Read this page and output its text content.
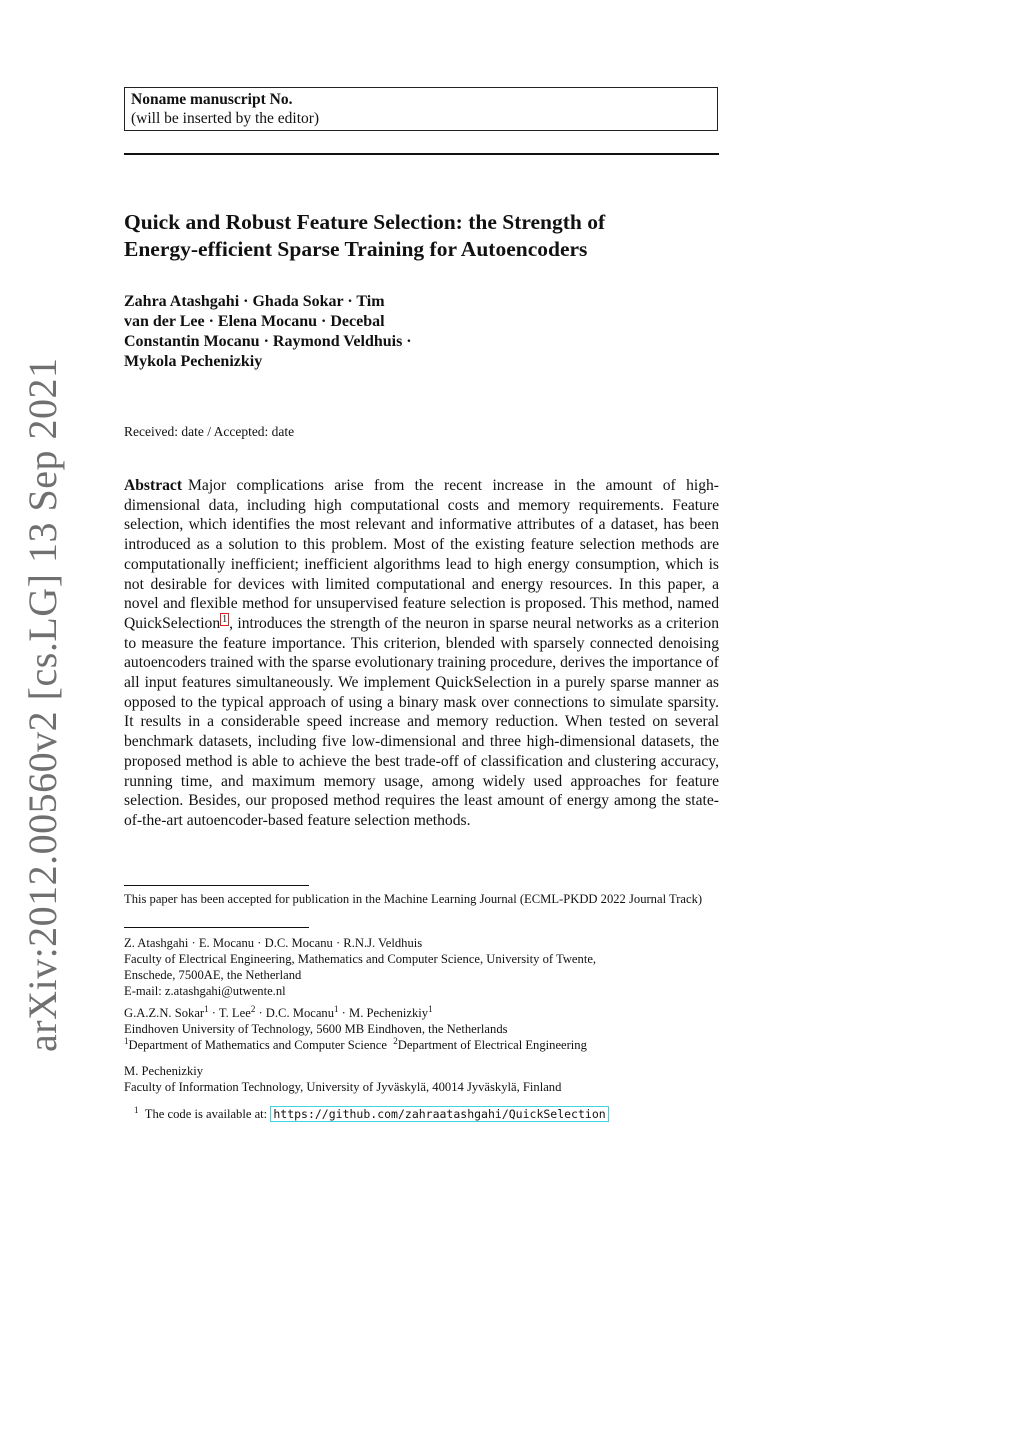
arXiv:2012.00560v2 [cs.LG] 13 Sep 2021
Noname manuscript No.
(will be inserted by the editor)
Quick and Robust Feature Selection: the Strength of
Energy-efficient Sparse Training for Autoencoders
Zahra Atashgahi · Ghada Sokar · Tim
van der Lee · Elena Mocanu · Decebal
Constantin Mocanu · Raymond Veldhuis ·
Mykola Pechenizkiy
Received: date / Accepted: date

Abstract Major complications arise from the recent increase in the amount of high-dimensional data, including high computational costs and memory requirements. Feature selection, which identifies the most relevant and informative attributes of a dataset, has been introduced as a solution to this problem. Most of the existing feature selection methods are computationally inefficient; inefficient algorithms lead to high energy consumption, which is not desirable for devices with limited computational and energy resources. In this paper, a novel and flexible method for unsupervised feature selection is proposed. This method, named QuickSelection $^1$ , introduces the strength of the neuron in sparse neural networks as a criterion to measure the feature importance. This criterion, blended with sparsely connected denoising autoencoders trained with the sparse evolutionary training procedure, derives the importance of all input features simultaneously. We implement QuickSelection in a purely sparse manner as opposed to the typical approach of using a binary mask over connections to simulate sparsity. It results in a considerable speed increase and memory reduction. When tested on several benchmark datasets, including five low-dimensional and three high-dimensional datasets, the proposed method is able to achieve the best trade-off of classification and clustering accuracy, running time, and maximum memory usage, among widely used approaches for feature selection. Besides, our proposed method requires the least amount of energy among the state-of-the-art autoencoder-based feature selection methods.

This paper has been accepted for publication in the Machine Learning Journal (ECML-PKDD 2022 Journal Track)
Z. Atashgahi · E. Mocanu · D.C. Mocanu · R.N.J. Veldhuis
Faculty of Electrical Engineering, Mathematics and Computer Science, University of Twente,
Enschede, 7500AE, the Netherland
E-mail: z.atashgahi@utwente.nl
G.A.Z.N. Sokar$^1$ · T. Lee$^2$ · D.C. Mocanu$^1$ · M. Pechenizkiy$^1$
Eindhoven University of Technology, 5600 MB Eindhoven, the Netherlands
$^1$Department of Mathematics and Computer Science $^2$Department of Electrical Engineering
M. Pechenizkiy
Faculty of Information Technology, University of Jyväskylä, 40014 Jyväskylä, Finland
$^1$ The code is available at: https://github.com/zahraatashgahi/QuickSelection
